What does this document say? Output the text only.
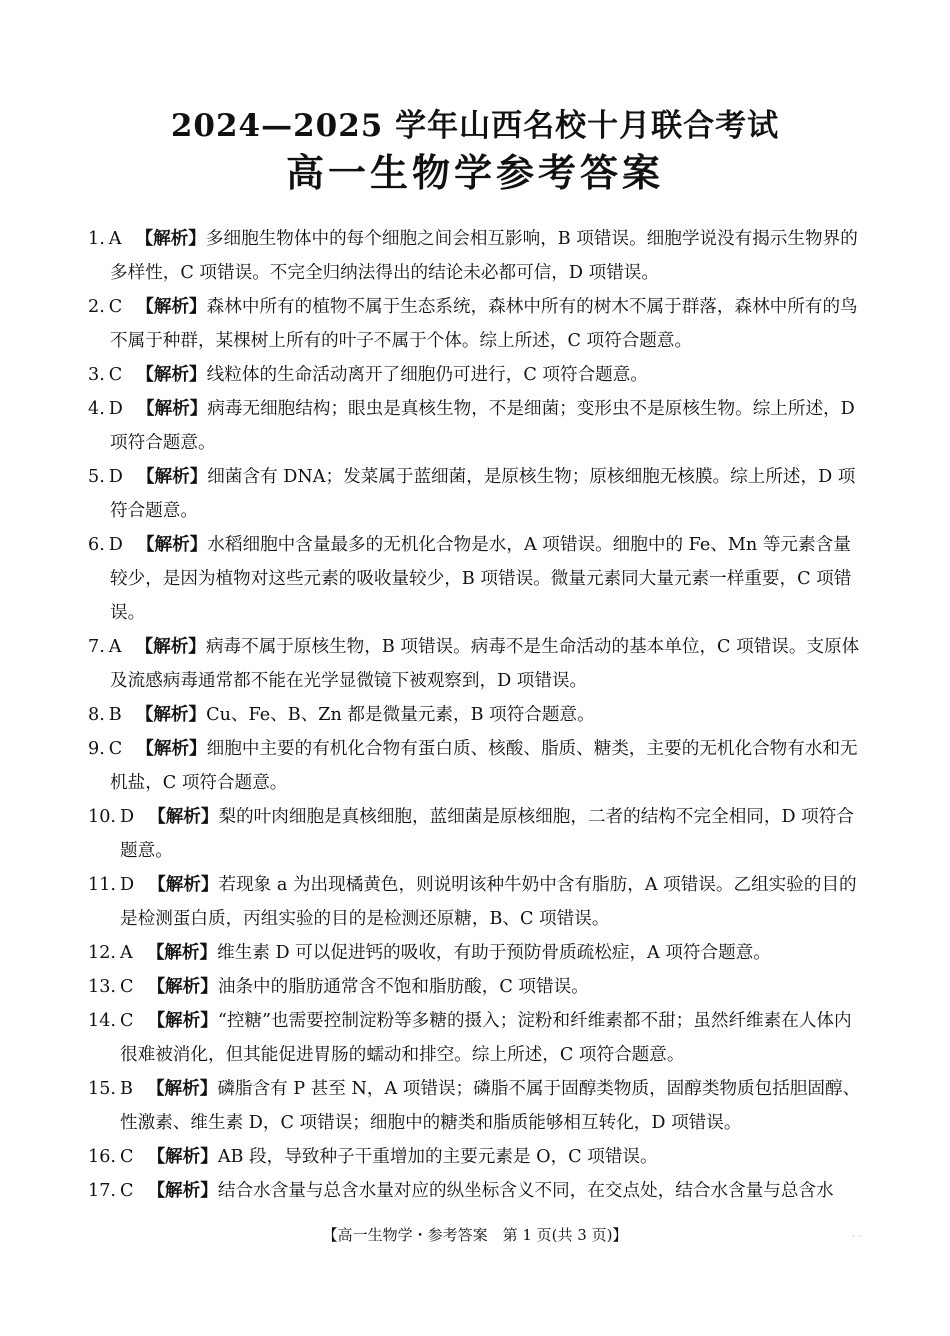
2024—2025 学年山西名校十月联合考试
高一生物学参考答案

1. A 【解析】多细胞生物体中的每个细胞之间会相互影响，B 项错误。细胞学说没有揭示生物界的多样性，C 项错误。不完全归纳法得出的结论未必都可信，D 项错误。

2. C 【解析】森林中所有的植物不属于生态系统，森林中所有的树木不属于群落，森林中所有的鸟不属于种群，某棵树上所有的叶子不属于个体。综上所述，C 项符合题意。

3. C 【解析】线粒体的生命活动离开了细胞仍可进行，C 项符合题意。

4. D 【解析】病毒无细胞结构；眼虫是真核生物，不是细菌；变形虫不是原核生物。综上所述，D 项符合题意。

5. D 【解析】细菌含有 DNA；发菜属于蓝细菌，是原核生物；原核细胞无核膜。综上所述，D 项符合题意。

6. D 【解析】水稻细胞中含量最多的无机化合物是水，A 项错误。细胞中的 Fe、Mn 等元素含量较少，是因为植物对这些元素的吸收量较少，B 项错误。微量元素同大量元素一样重要，C 项错误。

7. A 【解析】病毒不属于原核生物，B 项错误。病毒不是生命活动的基本单位，C 项错误。支原体及流感病毒通常都不能在光学显微镜下被观察到，D 项错误。

8. B 【解析】Cu、Fe、B、Zn 都是微量元素，B 项符合题意。

9. C 【解析】细胞中主要的有机化合物有蛋白质、核酸、脂质、糖类，主要的无机化合物有水和无机盐，C 项符合题意。

10. D 【解析】梨的叶肉细胞是真核细胞，蓝细菌是原核细胞，二者的结构不完全相同，D 项符合题意。

11. D 【解析】若现象 a 为出现橘黄色，则说明该种牛奶中含有脂肪，A 项错误。乙组实验的目的是检测蛋白质，丙组实验的目的是检测还原糖，B、C 项错误。

12. A 【解析】维生素 D 可以促进钙的吸收，有助于预防骨质疏松症，A 项符合题意。

13. C 【解析】油条中的脂肪通常含不饱和脂肪酸，C 项错误。

14. C 【解析】“控糖”也需要控制淀粉等多糖的摄入；淀粉和纤维素都不甜；虽然纤维素在人体内很难被消化，但其能促进胃肠的蠕动和排空。综上所述，C 项符合题意。

15. B 【解析】磷脂含有 P 甚至 N，A 项错误；磷脂不属于固醇类物质，固醇类物质包括胆固醇、性激素、维生素 D，C 项错误；细胞中的糖类和脂质能够相互转化，D 项错误。

16. C 【解析】AB 段，导致种子干重增加的主要元素是 O，C 项错误。

17. C 【解析】结合水含量与总含水量对应的纵坐标含义不同，在交点处，结合水含量与总含水

【高一生物学・参考答案　第 1 页(共 3 页)】	· ·
